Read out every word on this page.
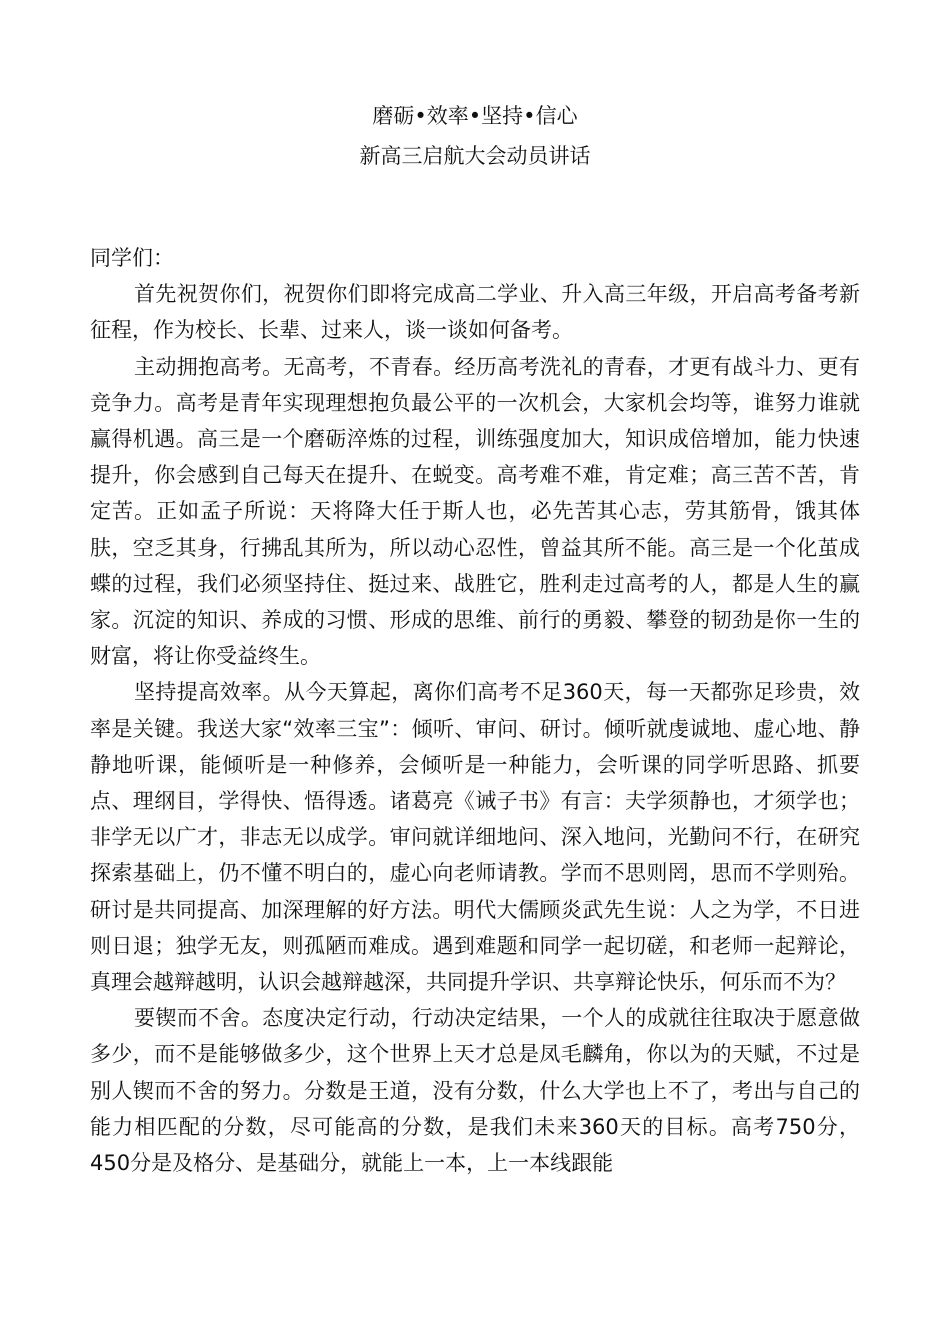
磨砺•效率•坚持•信心
新高三启航大会动员讲话

同学们：

首先祝贺你们，祝贺你们即将完成高二学业、升入高三年级，开启高考备考新征程，作为校长、长辈、过来人，谈一谈如何备考。

主动拥抱高考。无高考，不青春。经历高考洗礼的青春，才更有战斗力、更有竞争力。高考是青年实现理想抱负最公平的一次机会，大家机会均等，谁努力谁就赢得机遇。高三是一个磨砺淬炼的过程，训练强度加大，知识成倍增加，能力快速提升，你会感到自己每天在提升、在蜕变。高考难不难，肯定难；高三苦不苦，肯定苦。正如孟子所说：天将降大任于斯人也，必先苦其心志，劳其筋骨，饿其体肤，空乏其身，行拂乱其所为，所以动心忍性，曾益其所不能。高三是一个化茧成蝶的过程，我们必须坚持住、挺过来、战胜它，胜利走过高考的人，都是人生的赢家。沉淀的知识、养成的习惯、形成的思维、前行的勇毅、攀登的韧劲是你一生的财富，将让你受益终生。

坚持提高效率。从今天算起，离你们高考不足360天，每一天都弥足珍贵，效率是关键。我送大家“效率三宝”：倾听、审问、研讨。倾听就虔诚地、虚心地、静静地听课，能倾听是一种修养，会倾听是一种能力，会听课的同学听思路、抓要点、理纲目，学得快、悟得透。诸葛亮《诫子书》有言：夫学须静也，才须学也；非学无以广才，非志无以成学。审问就详细地问、深入地问，光勤问不行，在研究探索基础上，仍不懂不明白的，虚心向老师请教。学而不思则罔，思而不学则殆。研讨是共同提高、加深理解的好方法。明代大儒顾炎武先生说：人之为学，不日进则日退；独学无友，则孤陋而难成。遇到难题和同学一起切磋，和老师一起辩论，真理会越辩越明，认识会越辩越深，共同提升学识、共享辩论快乐，何乐而不为？

要锲而不舍。态度决定行动，行动决定结果，一个人的成就往往取决于愿意做多少，而不是能够做多少，这个世界上天才总是凤毛麟角，你以为的天赋，不过是别人锲而不舍的努力。分数是王道，没有分数，什么大学也上不了，考出与自己的能力相匹配的分数，尽可能高的分数，是我们未来360天的目标。高考750分，450分是及格分、是基础分，就能上一本，上一本线跟能
